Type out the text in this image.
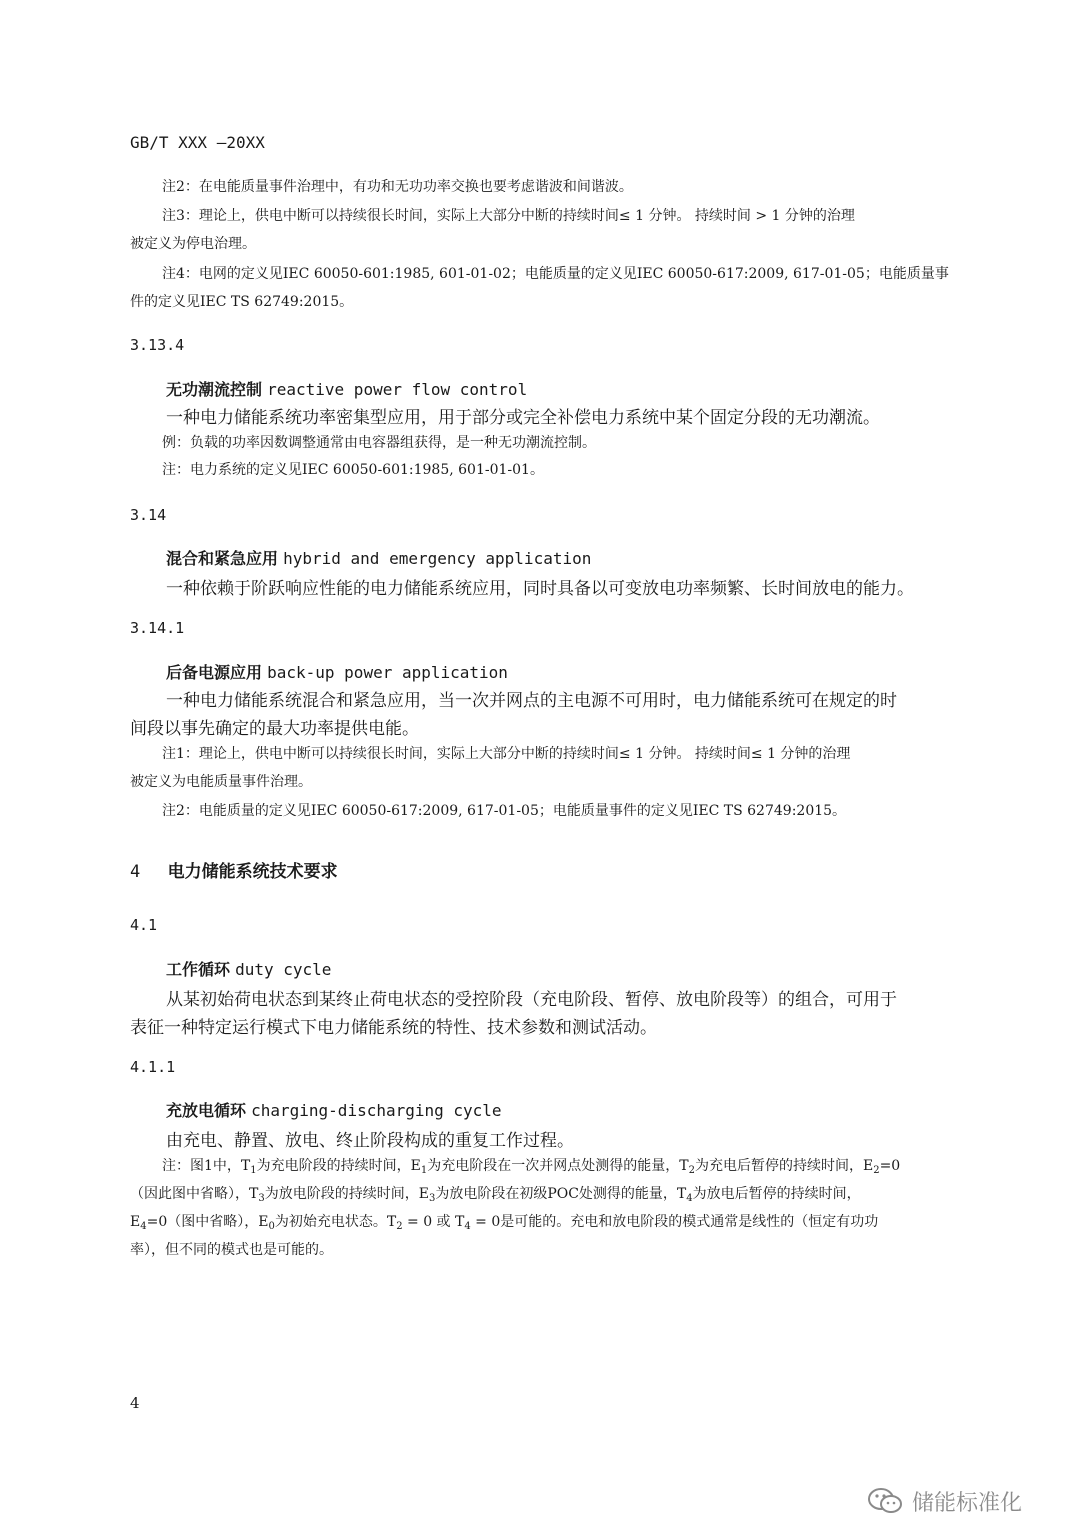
GB/T XXX —20XX
注2：在电能质量事件治理中，有功和无功功率交换也要考虑谐波和间谐波。
注3：理论上，供电中断可以持续很长时间，实际上大部分中断的持续时间≤ 1 分钟。 持续时间 > 1 分钟的治理
被定义为停电治理。
注4：电网的定义见IEC 60050-601:1985, 601-01-02；电能质量的定义见IEC 60050-617:2009, 617-01-05；电能质量事
件的定义见IEC TS 62749:2015。
3.13.4
无功潮流控制 reactive power flow control
一种电力储能系统功率密集型应用，用于部分或完全补偿电力系统中某个固定分段的无功潮流。
例：负载的功率因数调整通常由电容器组获得，是一种无功潮流控制。
注：电力系统的定义见IEC 60050-601:1985, 601-01-01。
3.14
混合和紧急应用 hybrid and emergency application
一种依赖于阶跃响应性能的电力储能系统应用，同时具备以可变放电功率频繁、长时间放电的能力。
3.14.1
后备电源应用 back-up power application
一种电力储能系统混合和紧急应用，当一次并网点的主电源不可用时，电力储能系统可在规定的时
间段以事先确定的最大功率提供电能。
注1：理论上，供电中断可以持续很长时间，实际上大部分中断的持续时间≤ 1 分钟。 持续时间≤ 1 分钟的治理
被定义为电能质量事件治理。
注2：电能质量的定义见IEC 60050-617:2009, 617-01-05；电能质量事件的定义见IEC TS 62749:2015。
4 电力储能系统技术要求
4.1
工作循环 duty cycle
从某初始荷电状态到某终止荷电状态的受控阶段（充电阶段、暂停、放电阶段等）的组合，可用于
表征一种特定运行模式下电力储能系统的特性、技术参数和测试活动。
4.1.1
充放电循环 charging-discharging cycle
由充电、静置、放电、终止阶段构成的重复工作过程。
注：图1中，$T_1$为充电阶段的持续时间，$E_1$为充电阶段在一次并网点处测得的能量，$T_2$为充电后暂停的持续时间，$E_2=0$
（因此图中省略），$T_3$为放电阶段的持续时间，$E_3$为放电阶段在初级POC处测得的能量，$T_4$为放电后暂停的持续时间，
$E_4=0$（图中省略），$E_0$为初始充电状态。$T_2 = 0$ 或 $T_4 = 0$是可能的。充电和放电阶段的模式通常是线性的（恒定有功功
率），但不同的模式也是可能的。
4
储能标准化
